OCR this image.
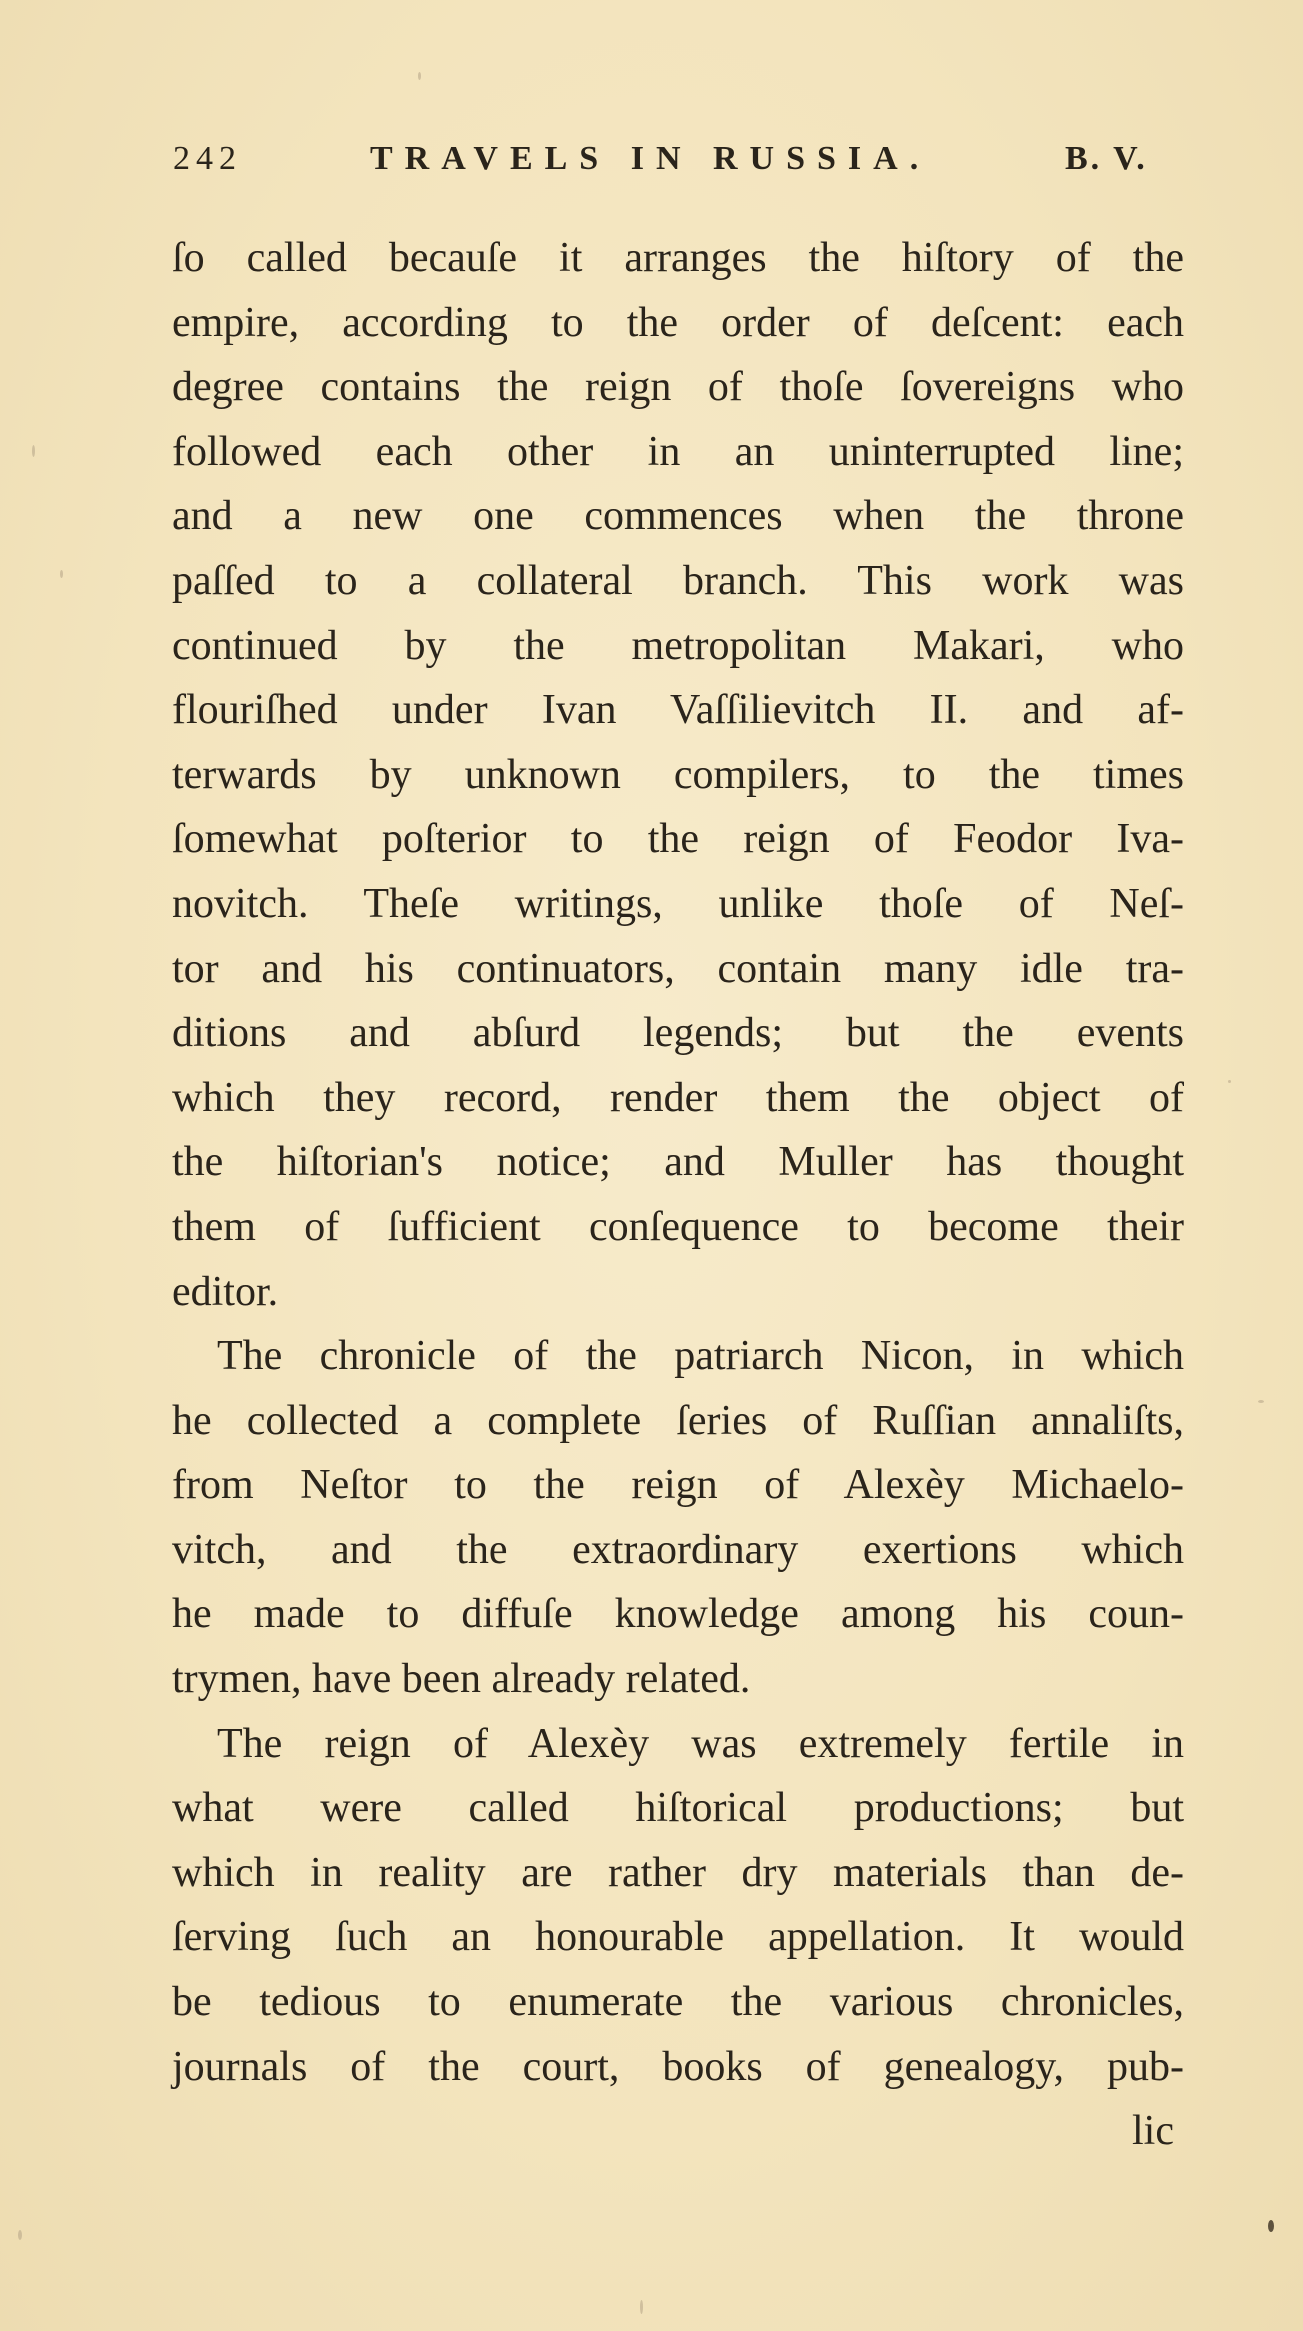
242	TRAVELS IN RUSSIA.	B. V.
ſo called becauſe it arranges the hiſtory of the
empire, according to the order of deſcent: each
degree contains the reign of thoſe ſovereigns who
followed each other in an uninterrupted line;
and a new one commences when the throne
paſſed to a collateral branch. This work was
continued by the metropolitan Makari, who
flouriſhed under Ivan Vaſſilievitch II. and af-
terwards by unknown compilers, to the times
ſomewhat poſterior to the reign of Feodor Iva-
novitch. Theſe writings, unlike thoſe of Neſ-
tor and his continuators, contain many idle tra-
ditions and abſurd legends; but the events
which they record, render them the object of
the hiſtorian's notice; and Muller has thought
them of ſufficient conſequence to become their
editor.
The chronicle of the patriarch Nicon, in which
he collected a complete ſeries of Ruſſian annaliſts,
from Neſtor to the reign of Alexèy Michaelo-
vitch, and the extraordinary exertions which
he made to diffuſe knowledge among his coun-
trymen, have been already related.
The reign of Alexèy was extremely fertile in
what were called hiſtorical productions; but
which in reality are rather dry materials than de-
ſerving ſuch an honourable appellation. It would
be tedious to enumerate the various chronicles,
journals of the court, books of genealogy, pub-
lic
